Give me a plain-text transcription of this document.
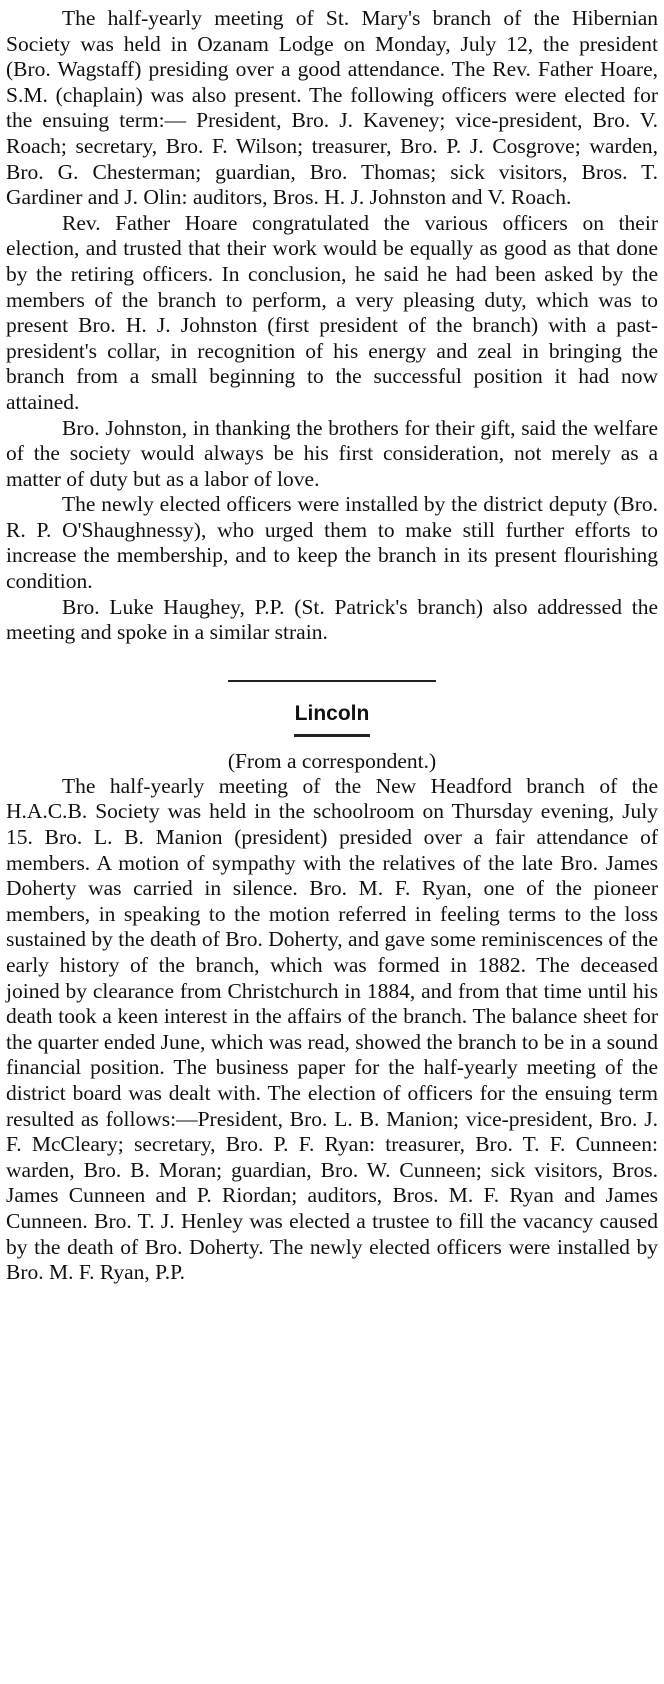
The half-yearly meeting of St. Mary's branch of the Hibernian Society was held in Ozanam Lodge on Monday, July 12, the president (Bro. Wagstaff) presiding over a good attendance. The Rev. Father Hoare, S.M. (chaplain) was also present. The following officers were elected for the ensuing term:— President, Bro. J. Kaveney; vice-president, Bro. V. Roach; secretary, Bro. F. Wilson; treasurer, Bro. P. J. Cosgrove; warden, Bro. G. Chesterman; guardian, Bro. Thomas; sick visitors, Bros. T. Gardiner and J. Olin: auditors, Bros. H. J. Johnston and V. Roach.

Rev. Father Hoare congratulated the various officers on their election, and trusted that their work would be equally as good as that done by the retiring officers. In conclusion, he said he had been asked by the members of the branch to perform, a very pleasing duty, which was to present Bro. H. J. Johnston (first president of the branch) with a past-president's collar, in recognition of his energy and zeal in bringing the branch from a small beginning to the successful position it had now attained.

Bro. Johnston, in thanking the brothers for their gift, said the welfare of the society would always be his first consideration, not merely as a matter of duty but as a labor of love.

The newly elected officers were installed by the district deputy (Bro. R. P. O'Shaughnessy), who urged them to make still further efforts to increase the membership, and to keep the branch in its present flourishing condition.

Bro. Luke Haughey, P.P. (St. Patrick's branch) also addressed the meeting and spoke in a similar strain.

Lincoln

(From a correspondent.)

The half-yearly meeting of the New Headford branch of the H.A.C.B. Society was held in the schoolroom on Thursday evening, July 15. Bro. L. B. Manion (president) presided over a fair attendance of members. A motion of sympathy with the relatives of the late Bro. James Doherty was carried in silence. Bro. M. F. Ryan, one of the pioneer members, in speaking to the motion referred in feeling terms to the loss sustained by the death of Bro. Doherty, and gave some reminiscences of the early history of the branch, which was formed in 1882. The deceased joined by clearance from Christchurch in 1884, and from that time until his death took a keen interest in the affairs of the branch. The balance sheet for the quarter ended June, which was read, showed the branch to be in a sound financial position. The business paper for the half-yearly meeting of the district board was dealt with. The election of officers for the ensuing term resulted as follows:—President, Bro. L. B. Manion; vice-president, Bro. J. F. McCleary; secretary, Bro. P. F. Ryan: treasurer, Bro. T. F. Cunneen: warden, Bro. B. Moran; guardian, Bro. W. Cunneen; sick visitors, Bros. James Cunneen and P. Riordan; auditors, Bros. M. F. Ryan and James Cunneen. Bro. T. J. Henley was elected a trustee to fill the vacancy caused by the death of Bro. Doherty. The newly elected officers were installed by Bro. M. F. Ryan, P.P.
